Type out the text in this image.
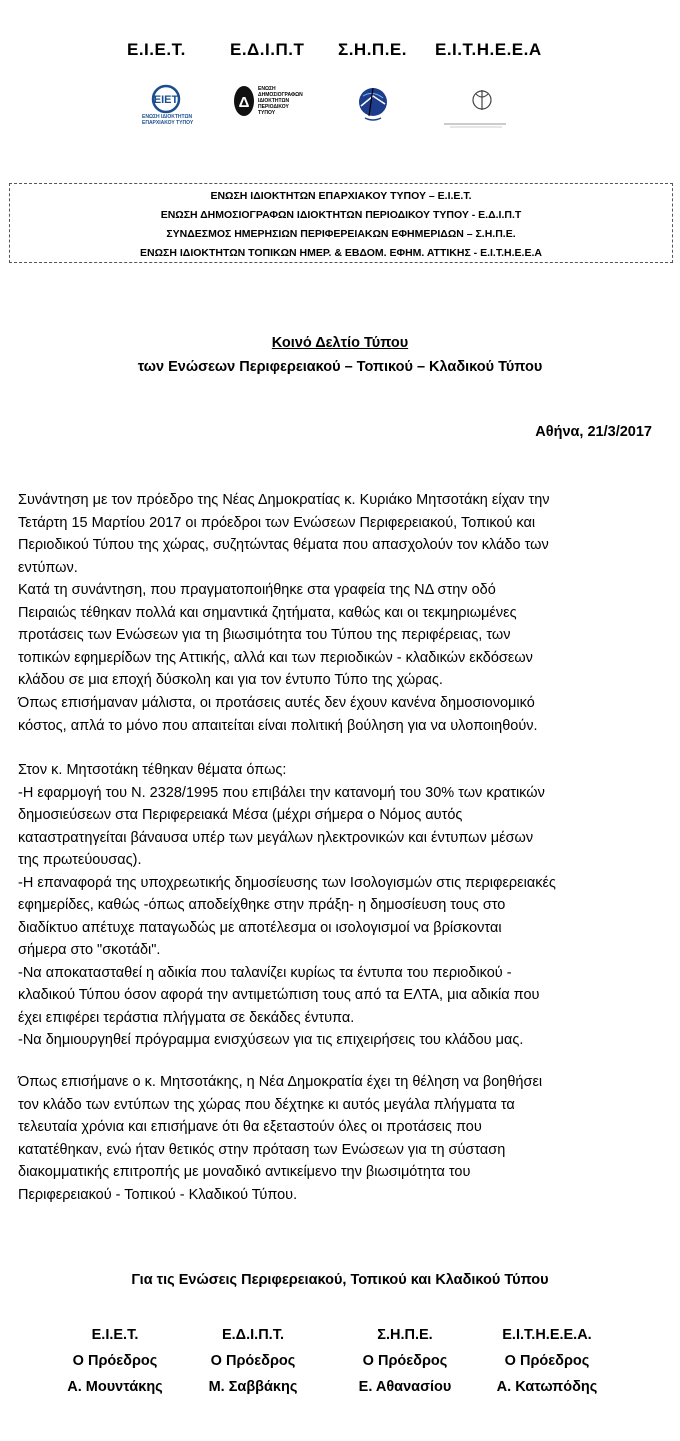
Ε.Ι.Ε.Τ.	Ε.Δ.Ι.Π.Τ Σ.Η.Π.Ε. Ε.Ι.Τ.Η.Ε.Ε.Α
ΕΙΕΤ
ΕΝΩΣΗ ΙΔΙΟΚΤΗΤΩΝ
ΕΠΑΡΧΙΑΚΟΥ ΤΥΠΟΥ
Δ
ΕΝΩΣΗ
ΔΗΜΟΣΙΟΓΡΑΦΩΝ
ΙΔΙΟΚΤΗΤΩΝ
ΠΕΡΙΟΔΙΚΟΥ
ΤΥΠΟΥ
ΕΝΩΣΗ ΙΔΙΟΚΤΗΤΩΝ ΕΠΑΡΧΙΑΚΟΥ ΤΥΠΟΥ – Ε.Ι.Ε.Τ.
ΕΝΩΣΗ ΔΗΜΟΣΙΟΓΡΑΦΩΝ ΙΔΙΟΚΤΗΤΩΝ ΠΕΡΙΟΔΙΚΟΥ ΤΥΠΟΥ - Ε.Δ.Ι.Π.Τ
ΣΥΝΔΕΣΜΟΣ ΗΜΕΡΗΣΙΩΝ ΠΕΡΙΦΕΡΕΙΑΚΩΝ ΕΦΗΜΕΡΙΔΩΝ – Σ.Η.Π.Ε.
ΕΝΩΣΗ ΙΔΙΟΚΤΗΤΩΝ ΤΟΠΙΚΩΝ ΗΜΕΡ. & ΕΒΔΟΜ. ΕΦΗΜ. ΑΤΤΙΚΗΣ - Ε.Ι.Τ.Η.Ε.Ε.Α
Κοινό Δελτίο Τύπου
των Ενώσεων Περιφερειακού – Τοπικού – Κλαδικού Τύπου
Αθήνα, 21/3/2017
Συνάντηση με τον πρόεδρο της Νέας Δημοκρατίας κ. Κυριάκο Μητσοτάκη είχαν την
Τετάρτη 15 Μαρτίου 2017 οι πρόεδροι των Ενώσεων Περιφερειακού, Τοπικού και
Περιοδικού Τύπου της χώρας, συζητώντας θέματα που απασχολούν τον κλάδο των
εντύπων.
Κατά τη συνάντηση, που πραγματοποιήθηκε στα γραφεία της ΝΔ στην οδό
Πειραιώς τέθηκαν πολλά και σημαντικά ζητήματα, καθώς και οι τεκμηριωμένες
προτάσεις των Ενώσεων για τη βιωσιμότητα του Τύπου της περιφέρειας, των
τοπικών εφημερίδων της Αττικής, αλλά και των περιοδικών - κλαδικών εκδόσεων
κλάδου σε μια εποχή δύσκολη και για τον έντυπο Τύπο της χώρας.
Όπως επισήμαναν μάλιστα, οι προτάσεις αυτές δεν έχουν κανένα δημοσιονομικό
κόστος, απλά το μόνο που απαιτείται είναι πολιτική βούληση για να υλοποιηθούν.
Στον κ. Μητσοτάκη τέθηκαν θέματα όπως:
-Η εφαρμογή του Ν. 2328/1995 που επιβάλει την κατανομή του 30% των κρατικών
δημοσιεύσεων στα Περιφερειακά Μέσα (μέχρι σήμερα ο Νόμος αυτός
καταστρατηγείται βάναυσα υπέρ των μεγάλων ηλεκτρονικών και έντυπων μέσων
της πρωτεύουσας).
-Η επαναφορά της υποχρεωτικής δημοσίευσης των Ισολογισμών στις περιφερειακές
εφημερίδες, καθώς -όπως αποδείχθηκε στην πράξη- η δημοσίευση τους στο
διαδίκτυο απέτυχε παταγωδώς με αποτέλεσμα οι ισολογισμοί να βρίσκονται
σήμερα στο "σκοτάδι".
-Να αποκατασταθεί η αδικία που ταλανίζει κυρίως τα έντυπα του περιοδικού -
κλαδικού Τύπου όσον αφορά την αντιμετώπιση τους από τα ΕΛΤΑ, μια αδικία που
έχει επιφέρει τεράστια πλήγματα σε δεκάδες έντυπα.
-Να δημιουργηθεί πρόγραμμα ενισχύσεων για τις επιχειρήσεις του κλάδου μας.
Όπως επισήμανε ο κ. Μητσοτάκης, η Νέα Δημοκρατία έχει τη θέληση να βοηθήσει
τον κλάδο των εντύπων της χώρας που δέχτηκε κι αυτός μεγάλα πλήγματα τα
τελευταία χρόνια και επισήμανε ότι θα εξεταστούν όλες οι προτάσεις που
κατατέθηκαν, ενώ ήταν θετικός στην πρόταση των Ενώσεων για τη σύσταση
διακομματικής επιτροπής με μοναδικό αντικείμενο την βιωσιμότητα του
Περιφερειακού - Τοπικού - Κλαδικού Τύπου.
Για τις Ενώσεις Περιφερειακού, Τοπικού και Κλαδικού Τύπου
Ε.Ι.Ε.Τ.
Ο Πρόεδρος
Α. Μουντάκης
Ε.Δ.Ι.Π.Τ.
Ο Πρόεδρος
Μ. Σαββάκης
Σ.Η.Π.Ε.
Ο Πρόεδρος
Ε. Αθανασίου
Ε.Ι.Τ.Η.Ε.Ε.Α.
Ο Πρόεδρος
Α. Κατωπόδης
